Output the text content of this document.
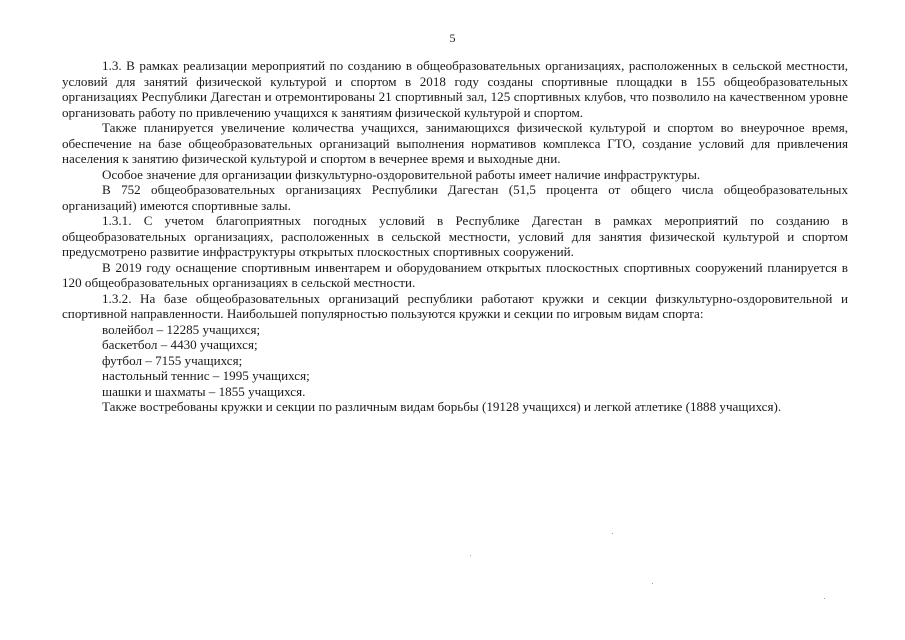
5

1.3. В рамках реализации мероприятий по созданию в общеобразовательных организациях, расположенных в сельской местности, условий для занятий физической культурой и спортом в 2018 году созданы спортивные площадки в 155 общеобразовательных организациях Республики Дагестан и отремонтированы 21 спортивный зал, 125 спортивных клубов, что позволило на качественном уровне организовать работу по привлечению учащихся к занятиям физической культурой и спортом.

Также планируется увеличение количества учащихся, занимающихся физической культурой и спортом во внеурочное время, обеспечение на базе общеобразовательных организаций выполнения нормативов комплекса ГТО, создание условий для привлечения населения к занятию физической культурой и спортом в вечернее время и выходные дни.

Особое значение для организации физкультурно-оздоровительной работы имеет наличие инфраструктуры.

В 752 общеобразовательных организациях Республики Дагестан (51,5 процента от общего числа общеобразовательных организаций) имеются спортивные залы.

1.3.1. С учетом благоприятных погодных условий в Республике Дагестан в рамках мероприятий по созданию в общеобразовательных организациях, расположенных в сельской местности, условий для занятия физической культурой и спортом предусмотрено развитие инфраструктуры открытых плоскостных спортивных сооружений.

В 2019 году оснащение спортивным инвентарем и оборудованием открытых плоскостных спортивных сооружений планируется в 120 общеобразовательных организациях в сельской местности.

1.3.2. На базе общеобразовательных организаций республики работают кружки и секции физкультурно-оздоровительной и спортивной направленности. Наибольшей популярностью пользуются кружки и секции по игровым видам спорта:

волейбол – 12285 учащихся;
баскетбол – 4430 учащихся;
футбол – 7155 учащихся;
настольный теннис – 1995 учащихся;
шашки и шахматы – 1855 учащихся.

Также востребованы кружки и секции по различным видам борьбы (19128 учащихся) и легкой атлетике (1888 учащихся).
